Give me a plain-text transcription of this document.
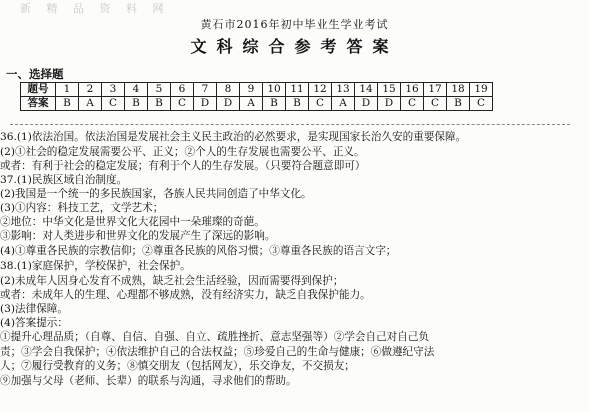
新 精 品 资 料 网
黄石市2016年初中毕业生学业考试
文科综合参考答案
一、选择题
题号	1	2	3	4	5	6	7	8	9	10	11	12	13	14	15	16	17	18	19
答案	B	A	C	B	B	C	D	D	A	B	B	C	A	D	D	C	C	B	C
36.(1)依法治国。依法治国是发展社会主义民主政治的必然要求，是实现国家长治久安的重要保障。
(2)①社会的稳定发展需要公平、正义；②个人的生存发展也需要公平、正义。
或者：有利于社会的稳定发展；有利于个人的生存发展。（只要符合题意即可）
37.(1)民族区域自治制度。
(2)我国是一个统一的多民族国家，各族人民共同创造了中华文化。
(3)①内容：科技工艺，文学艺术；
②地位：中华文化是世界文化大花园中一朵璀璨的奇葩。
③影响：对人类进步和世界文化的发展产生了深远的影响。
(4)①尊重各民族的宗教信仰；②尊重各民族的风俗习惯；③尊重各民族的语言文字；
38.(1)家庭保护，学校保护，社会保护。
(2)未成年人因身心发育不成熟，缺乏社会生活经验，因而需要得到保护；
或者：未成年人的生理、心理都不够成熟，没有经济实力，缺乏自我保护能力。
(3)法律保障。
(4)答案提示：
①提升心理品质；（自尊、自信、自强、自立、疏胜挫折、意志坚强等）②学会自己对自己负
责；③学会自我保护；④依法维护自己的合法权益；⑤珍爱自己的生命与健康；⑥做遵纪守法
人；⑦履行受教育的义务；⑧慎交朋友（包括网友），乐交诤友，不交损友；
⑨加强与父母（老师、长辈）的联系与沟通，寻求他们的帮助。
